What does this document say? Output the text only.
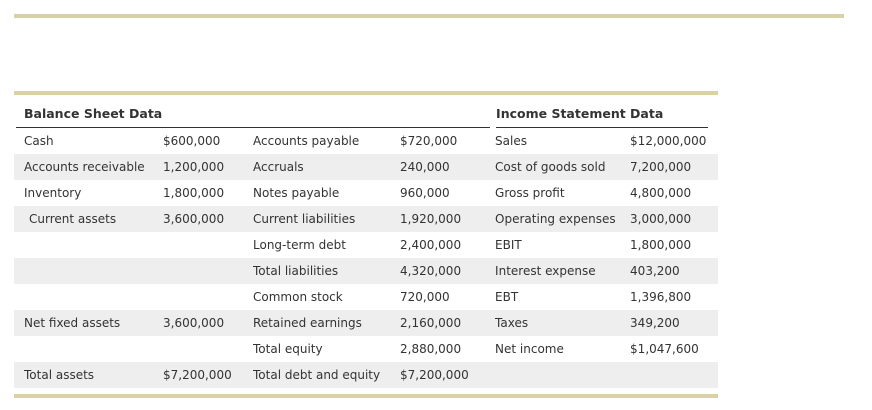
Balance Sheet Data				Income Statement Data	

Cash	$600,000	Accounts payable	$720,000	Sales	$12,000,000
Accounts receivable	1,200,000	Accruals	240,000	Cost of goods sold	7,200,000
Inventory	1,800,000	Notes payable	960,000	Gross profit	4,800,000
Current assets	3,600,000	Current liabilities	1,920,000	Operating expenses	3,000,000
		Long-term debt	2,400,000	EBIT	1,800,000
		Total liabilities	4,320,000	Interest expense	403,200
		Common stock	720,000	EBT	1,396,800
Net fixed assets	3,600,000	Retained earnings	2,160,000	Taxes	349,200
		Total equity	2,880,000	Net income	$1,047,600
Total assets	$7,200,000	Total debt and equity	$7,200,000		
